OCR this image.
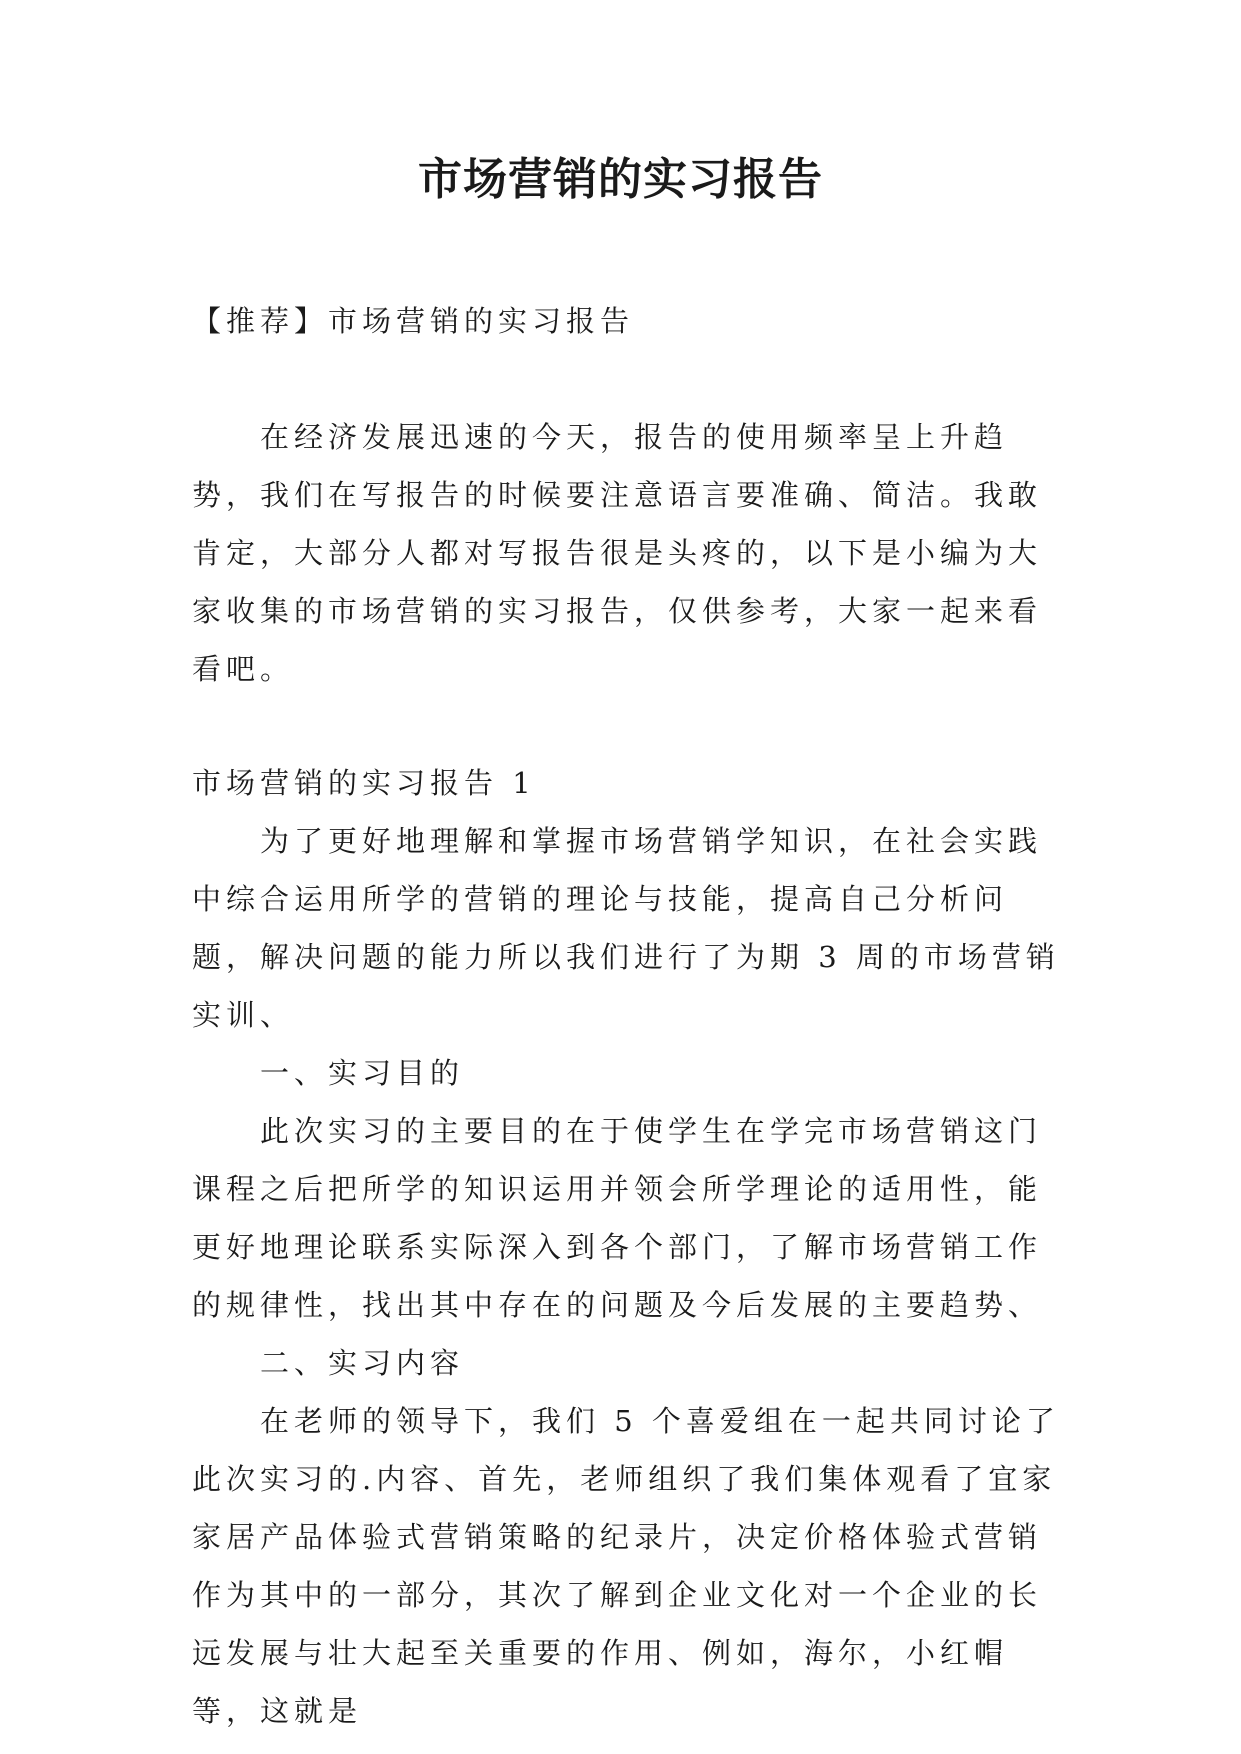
市场营销的实习报告

【推荐】市场营销的实习报告

在经济发展迅速的今天，报告的使用频率呈上升趋势，我们在写报告的时候要注意语言要准确、简洁。我敢肯定，大部分人都对写报告很是头疼的，以下是小编为大家收集的市场营销的实习报告，仅供参考，大家一起来看看吧。

市场营销的实习报告 1

为了更好地理解和掌握市场营销学知识，在社会实践中综合运用所学的营销的理论与技能，提高自己分析问题，解决问题的能力所以我们进行了为期 3 周的市场营销实训、

一、实习目的

此次实习的主要目的在于使学生在学完市场营销这门课程之后把所学的知识运用并领会所学理论的适用性，能更好地理论联系实际深入到各个部门，了解市场营销工作的规律性，找出其中存在的问题及今后发展的主要趋势、

二、实习内容

在老师的领导下，我们 5 个喜爱组在一起共同讨论了此次实习的.内容、首先，老师组织了我们集体观看了宜家家居产品体验式营销策略的纪录片，决定价格体验式营销作为其中的一部分，其次了解到企业文化对一个企业的长远发展与壮大起至关重要的作用、例如，海尔，小红帽等，这就是
